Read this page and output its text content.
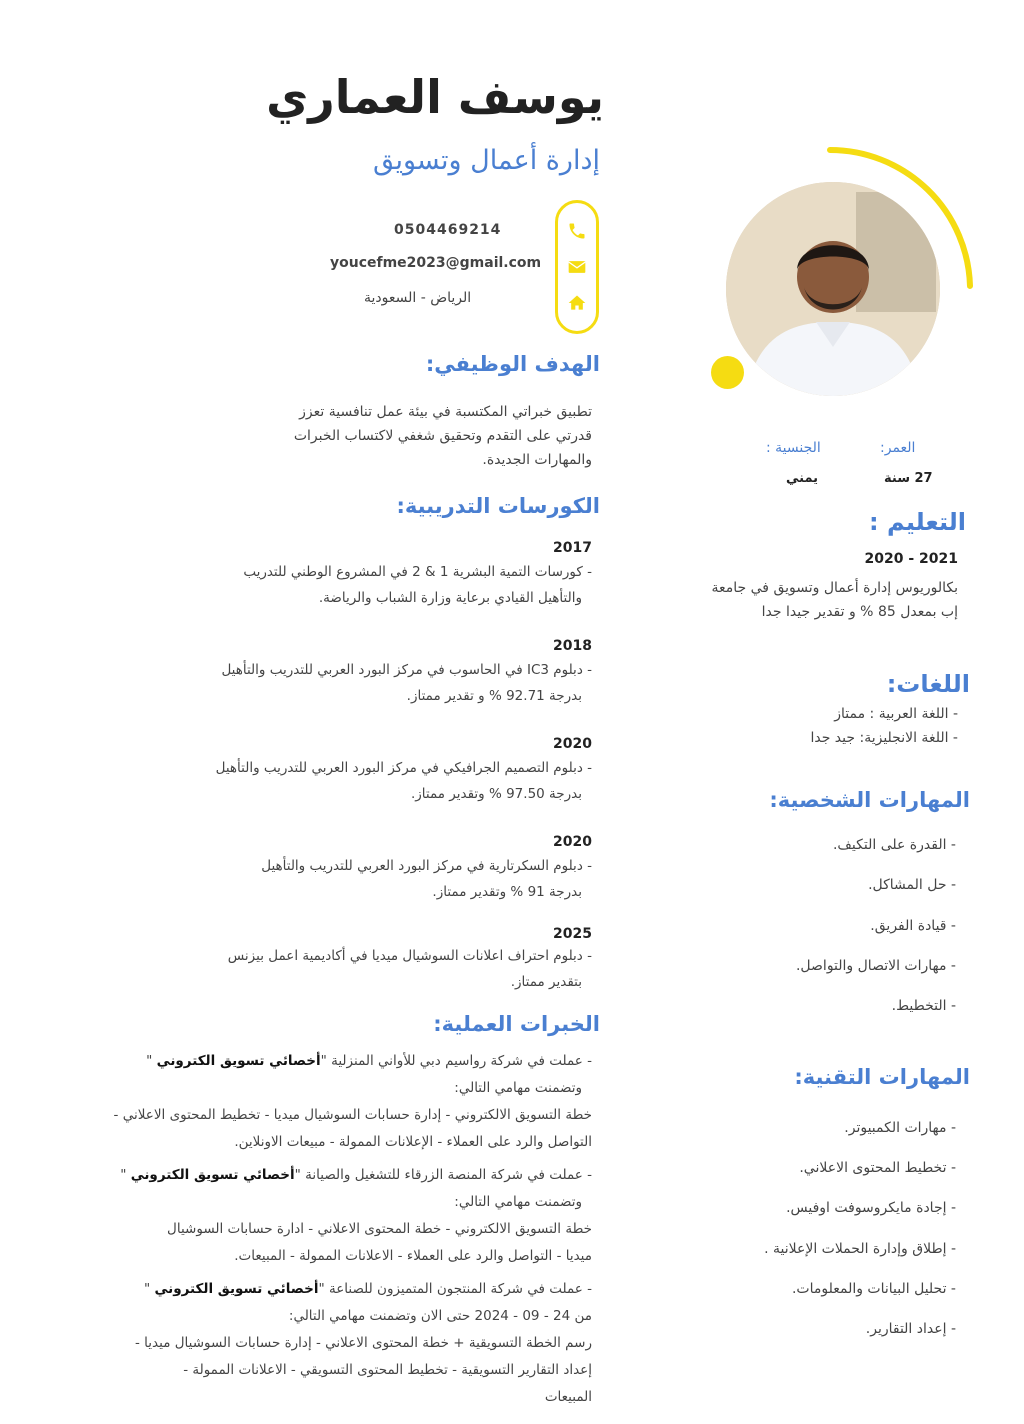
يوسف العماري
إدارة أعمال وتسويق
0504469214
youcefme2023@gmail.com
الرياض - السعودية
العمر:
27 سنة
الجنسية :
يمني
الهدف الوظيفي:
تطبيق خبراتي المكتسبة في بيئة عمل تنافسية تعزز
قدرتي على التقدم وتحقيق شغفي لاكتساب الخبرات
والمهارات الجديدة.
التعليم :
2020 - 2021
بكالوريوس إدارة أعمال وتسويق في جامعة
إب بمعدل 85 % و تقدير جيدا جدا
الكورسات التدريبية:
2017
- كورسات التمية البشرية 1 & 2 في المشروع الوطني للتدريب
والتأهيل القيادي برعاية وزارة الشباب والرياضة.
2018
- دبلوم IC3 في الحاسوب في مركز البورد العربي للتدريب والتأهيل
بدرجة 92.71 % و تقدير ممتاز.
2020
- دبلوم التصميم الجرافيكي في مركز البورد العربي للتدريب والتأهيل
بدرجة 97.50 % وتقدير ممتاز.
2020
- دبلوم السكرتارية في مركز البورد العربي للتدريب والتأهيل
بدرجة 91 % وتقدير ممتاز.
2025
- دبلوم احتراف اعلانات السوشيال ميديا في أكاديمية اعمل بيزنس
بتقدير ممتاز.
اللغات:
- اللغة العربية : ممتاز
- اللغة الانجليزية: جيد جدا
المهارات الشخصية:
- القدرة على التكيف.
- حل المشاكل.
- قيادة الفريق.
- مهارات الاتصال والتواصل.
- التخطيط.
المهارات التقنية:
- مهارات الكمبيوتر.
- تخطيط المحتوى الاعلاني.
- إجادة مايكروسوفت اوفيس.
- إطلاق وإدارة الحملات الإعلانية .
- تحليل البيانات والمعلومات.
- إعداد التقارير.
الخبرات العملية:
- عملت في شركة رواسيم دبي للأواني المنزلية "أخصائي تسويق الكتروني "
وتضمنت مهامي التالي:
خطة التسويق الالكتروني - إدارة حسابات السوشيال ميديا - تخطيط المحتوى الاعلاني -
التواصل والرد على العملاء - الإعلانات الممولة - مبيعات الاونلاين.
- عملت في شركة المنصة الزرقاء للتشغيل والصيانة "أخصائي تسويق الكتروني "
وتضمنت مهامي التالي:
خطة التسويق الالكتروني - خطة المحتوى الاعلاني - ادارة حسابات السوشيال
ميديا - التواصل والرد على العملاء - الاعلانات الممولة - المبيعات.
- عملت في شركة المنتجون المتميزون للصناعة "أخصائي تسويق الكتروني "
من 24 - 09 - 2024 حتى الان وتضمنت مهامي التالي:
رسم الخطة التسويقية + خطة المحتوى الاعلاني - إدارة حسابات السوشيال ميديا -
إعداد التقارير التسويقية - تخطيط المحتوى التسويقي - الاعلانات الممولة -
المبيعات
